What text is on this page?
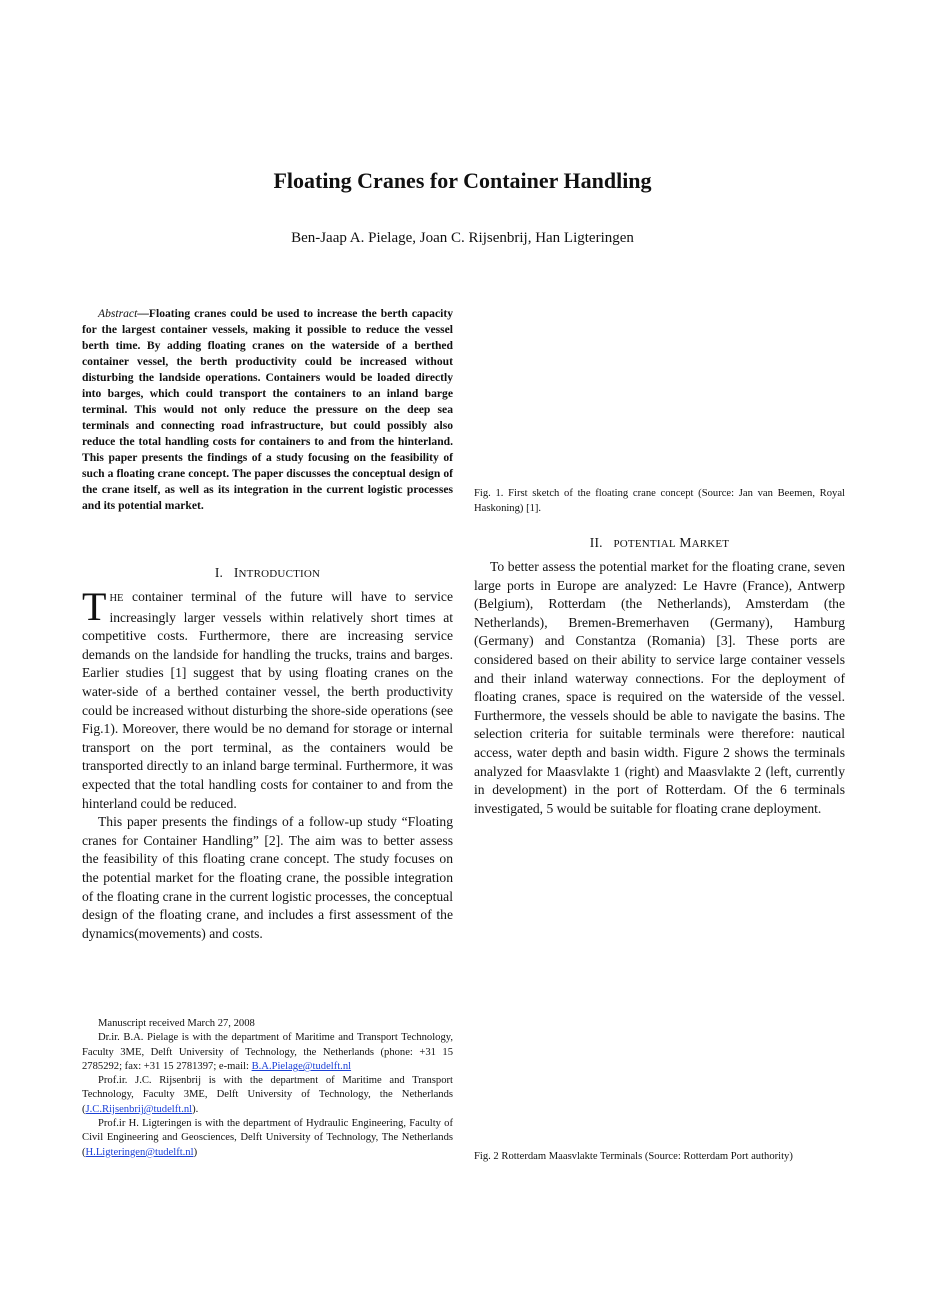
Floating Cranes for Container Handling
Ben-Jaap A. Pielage, Joan C. Rijsenbrij, Han Ligteringen
Abstract—Floating cranes could be used to increase the berth capacity for the largest container vessels, making it possible to reduce the vessel berth time. By adding floating cranes on the waterside of a berthed container vessel, the berth productivity could be increased without disturbing the landside operations. Containers would be loaded directly into barges, which could transport the containers to an inland barge terminal. This would not only reduce the pressure on the deep sea terminals and connecting road infrastructure, but could possibly also reduce the total handling costs for containers to and from the hinterland. This paper presents the findings of a study focusing on the feasibility of such a floating crane concept. The paper discusses the conceptual design of the crane itself, as well as its integration in the current logistic processes and its potential market.
I. INTRODUCTION

THE container terminal of the future will have to service increasingly larger vessels within relatively short times at competitive costs. Furthermore, there are increasing service demands on the landside for handling the trucks, trains and barges. Earlier studies [1] suggest that by using floating cranes on the water-side of a berthed container vessel, the berth productivity could be increased without disturbing the shore-side operations (see Fig.1). Moreover, there would be no demand for storage or internal transport on the port terminal, as the containers would be transported directly to an inland barge terminal. Furthermore, it was expected that the total handling costs for container to and from the hinterland could be reduced.

This paper presents the findings of a follow-up study “Floating cranes for Container Handling” [2]. The aim was to better assess the feasibility of this floating crane concept. The study focuses on the potential market for the floating crane, the possible integration of the floating crane in the current logistic processes, the conceptual design of the floating crane, and includes a first assessment of the dynamics(movements) and costs.

Fig. 1. First sketch of the floating crane concept (Source: Jan van Beemen, Royal Haskoning) [1].
II. POTENTIAL MARKET

To better assess the potential market for the floating crane, seven large ports in Europe are analyzed: Le Havre (France), Antwerp (Belgium), Rotterdam (the Netherlands), Amsterdam (the Netherlands), Bremen-Bremerhaven (Germany), Hamburg (Germany) and Constantza (Romania) [3]. These ports are considered based on their ability to service large container vessels and their inland waterway connections. For the deployment of floating cranes, space is required on the waterside of the vessel. Furthermore, the vessels should be able to navigate the basins. The selection criteria for suitable terminals were therefore: nautical access, water depth and basin width. Figure 2 shows the terminals analyzed for Maasvlakte 1 (right) and Maasvlakte 2 (left, currently in development) in the port of Rotterdam. Of the 6 terminals investigated, 5 would be suitable for floating crane deployment.

Fig. 2 Rotterdam Maasvlakte Terminals (Source: Rotterdam Port authority)

Manuscript received March 27, 2008

Dr.ir. B.A. Pielage is with the department of Maritime and Transport Technology, Faculty 3ME, Delft University of Technology, the Netherlands (phone: +31 15 2785292; fax: +31 15 2781397; e-mail: B.A.Pielage@tudelft.nl

Prof.ir. J.C. Rijsenbrij is with the department of Maritime and Transport Technology, Faculty 3ME, Delft University of Technology, the Netherlands (J.C.Rijsenbrij@tudelft.nl).

Prof.ir H. Ligteringen is with the department of Hydraulic Engineering, Faculty of Civil Engineering and Geosciences, Delft University of Technology, The Netherlands (H.Ligteringen@tudelft.nl)
